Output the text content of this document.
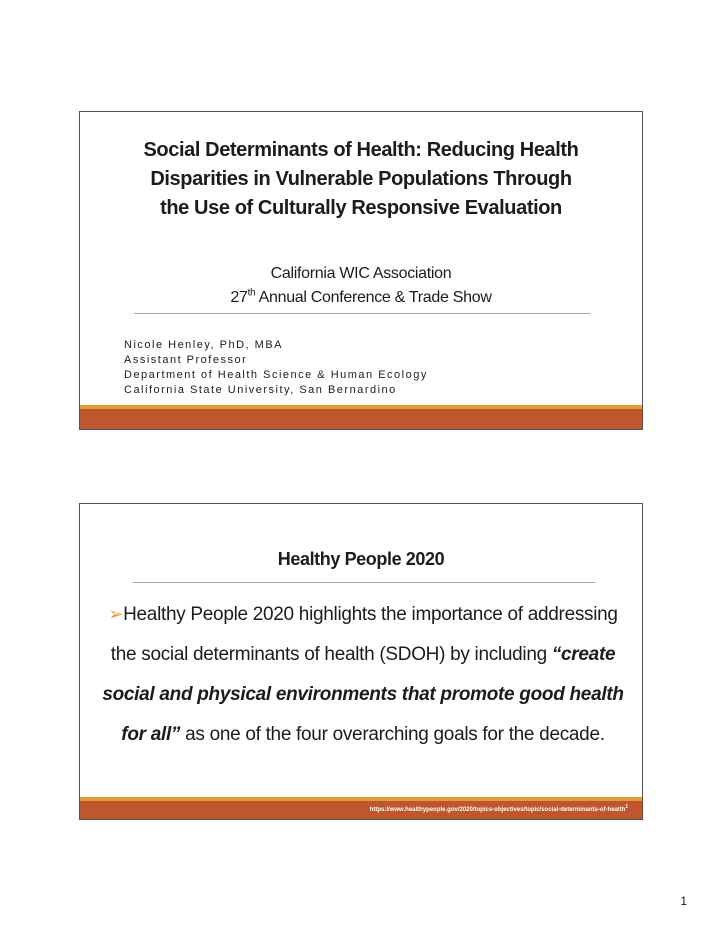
Social Determinants of Health: Reducing Health
Disparities in Vulnerable Populations Through
the Use of Culturally Responsive Evaluation
California WIC Association
27th Annual Conference & Trade Show
Nicole Henley, PhD, MBA
Assistant Professor
Department of Health Science & Human Ecology
California State University, San Bernardino
Healthy People 2020
➢Healthy People 2020 highlights the importance of addressing the social determinants of health (SDOH) by including “create social and physical environments that promote good health for all” as one of the four overarching goals for the decade.
https://www.healthypeople.gov/2020/topics-objectives/topic/social-determinants-of-health$^1$
1
